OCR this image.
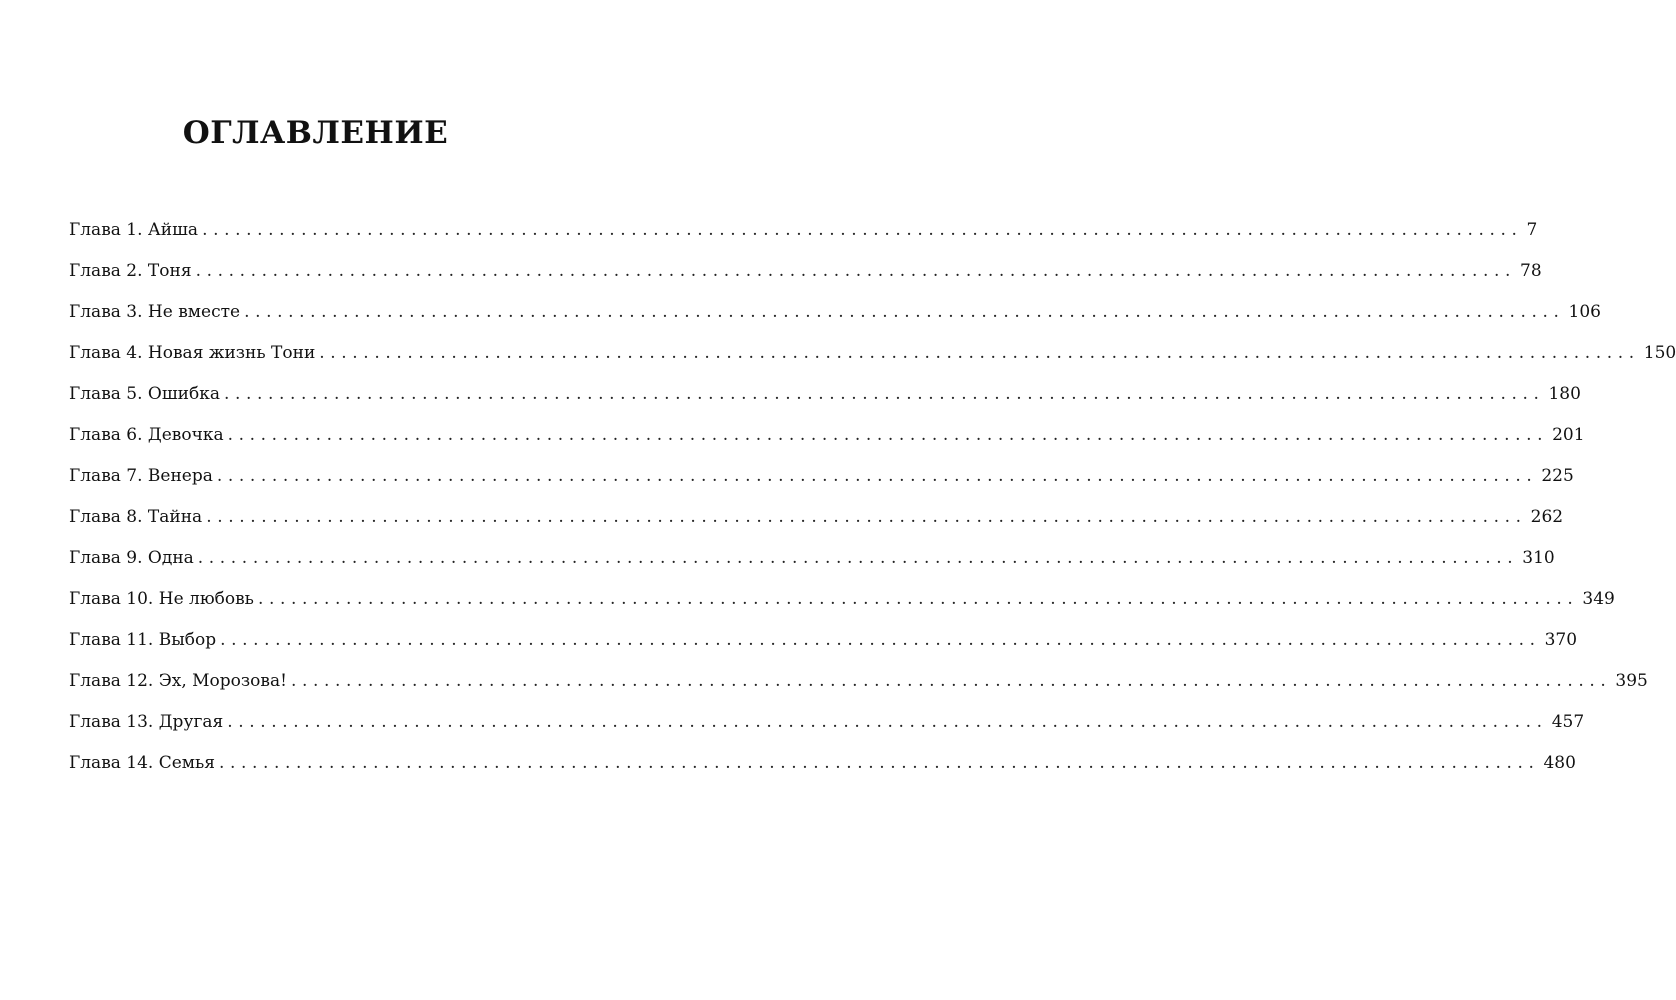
ОГЛАВЛЕНИЕ
Глава 1. Айша ........................................................................................................................ 7
Глава 2. Тоня ........................................................................................................................ 78
Глава 3. Не вместе ........................................................................................................................ 106
Глава 4. Новая жизнь Тони ........................................................................................................................ 150
Глава 5. Ошибка ........................................................................................................................ 180
Глава 6. Девочка ........................................................................................................................ 201
Глава 7. Венера ........................................................................................................................ 225
Глава 8. Тайна ........................................................................................................................ 262
Глава 9. Одна ........................................................................................................................ 310
Глава 10. Не любовь ........................................................................................................................ 349
Глава 11. Выбор ........................................................................................................................ 370
Глава 12. Эх, Морозова! ........................................................................................................................ 395
Глава 13. Другая ........................................................................................................................ 457
Глава 14. Семья ........................................................................................................................ 480
